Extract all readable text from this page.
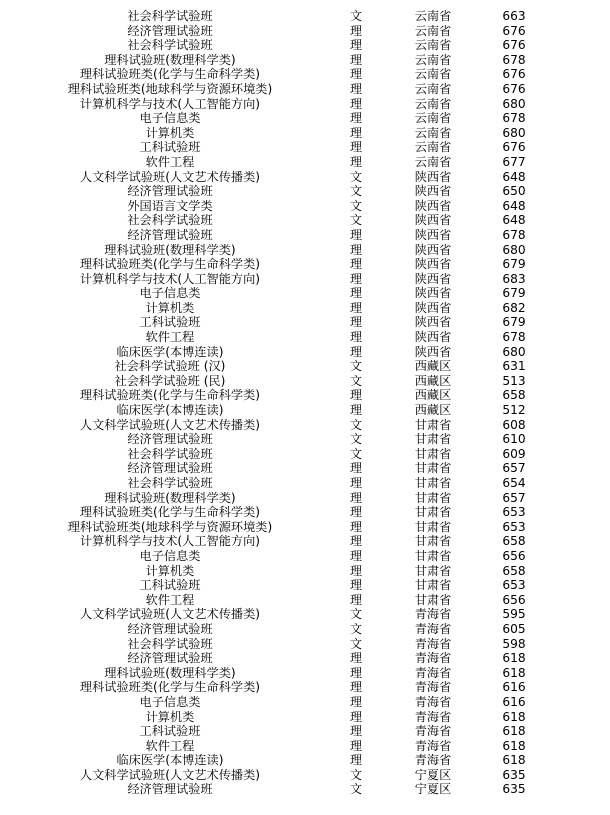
社会科学试验班	文	云南省	663
经济管理试验班	理	云南省	676
社会科学试验班	理	云南省	676
理科试验班(数理科学类)	理	云南省	678
理科试验班类(化学与生命科学类)	理	云南省	676
理科试验班类(地球科学与资源环境类)	理	云南省	676
计算机科学与技术(人工智能方向)	理	云南省	680
电子信息类	理	云南省	678
计算机类	理	云南省	680
工科试验班	理	云南省	676
软件工程	理	云南省	677
人文科学试验班(人文艺术传播类)	文	陕西省	648
经济管理试验班	文	陕西省	650
外国语言文学类	文	陕西省	648
社会科学试验班	文	陕西省	648
经济管理试验班	理	陕西省	678
理科试验班(数理科学类)	理	陕西省	680
理科试验班类(化学与生命科学类)	理	陕西省	679
计算机科学与技术(人工智能方向)	理	陕西省	683
电子信息类	理	陕西省	679
计算机类	理	陕西省	682
工科试验班	理	陕西省	679
软件工程	理	陕西省	678
临床医学(本博连读)	理	陕西省	680
社会科学试验班 (汉)	文	西藏区	631
社会科学试验班 (民)	文	西藏区	513
理科试验班类(化学与生命科学类)	理	西藏区	658
临床医学(本博连读)	理	西藏区	512
人文科学试验班(人文艺术传播类)	文	甘肃省	608
经济管理试验班	文	甘肃省	610
社会科学试验班	文	甘肃省	609
经济管理试验班	理	甘肃省	657
社会科学试验班	理	甘肃省	654
理科试验班(数理科学类)	理	甘肃省	657
理科试验班类(化学与生命科学类)	理	甘肃省	653
理科试验班类(地球科学与资源环境类)	理	甘肃省	653
计算机科学与技术(人工智能方向)	理	甘肃省	658
电子信息类	理	甘肃省	656
计算机类	理	甘肃省	658
工科试验班	理	甘肃省	653
软件工程	理	甘肃省	656
人文科学试验班(人文艺术传播类)	文	青海省	595
经济管理试验班	文	青海省	605
社会科学试验班	文	青海省	598
经济管理试验班	理	青海省	618
理科试验班(数理科学类)	理	青海省	618
理科试验班类(化学与生命科学类)	理	青海省	616
电子信息类	理	青海省	616
计算机类	理	青海省	618
工科试验班	理	青海省	618
软件工程	理	青海省	618
临床医学(本博连读)	理	青海省	618
人文科学试验班(人文艺术传播类)	文	宁夏区	635
经济管理试验班	文	宁夏区	635
